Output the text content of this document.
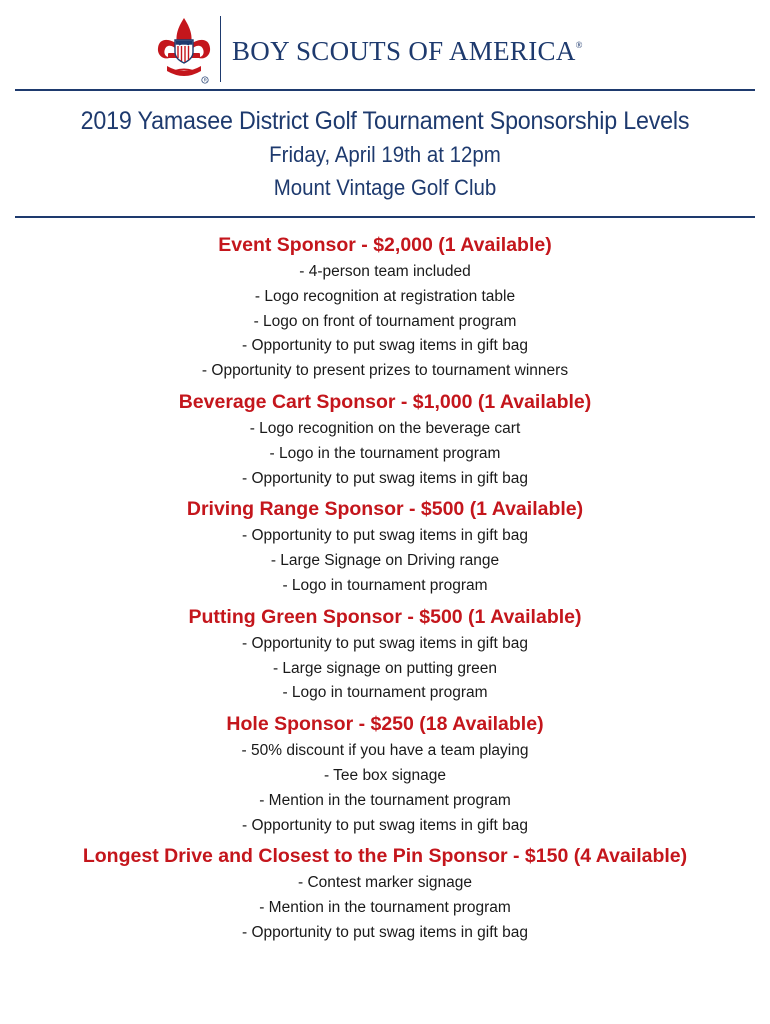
R
BOY SCOUTS OF AMERICA®
2019 Yamasee District Golf Tournament Sponsorship Levels

Friday, April 19th at 12pm

Mount Vintage Golf Club

Event Sponsor - $2,000 (1 Available)

- 4-person team included
- Logo recognition at registration table
- Logo on front of tournament program
- Opportunity to put swag items in gift bag
- Opportunity to present prizes to tournament winners

Beverage Cart Sponsor - $1,000 (1 Available)

- Logo recognition on the beverage cart
- Logo in the tournament program
- Opportunity to put swag items in gift bag

Driving Range Sponsor - $500 (1 Available)

- Opportunity to put swag items in gift bag
- Large Signage on Driving range
- Logo in tournament program

Putting Green Sponsor - $500 (1 Available)

- Opportunity to put swag items in gift bag
- Large signage on putting green
- Logo in tournament program

Hole Sponsor - $250 (18 Available)

- 50% discount if you have a team playing
- Tee box signage
- Mention in the tournament program
- Opportunity to put swag items in gift bag

Longest Drive and Closest to the Pin Sponsor - $150 (4 Available)

- Contest marker signage
- Mention in the tournament program
- Opportunity to put swag items in gift bag
